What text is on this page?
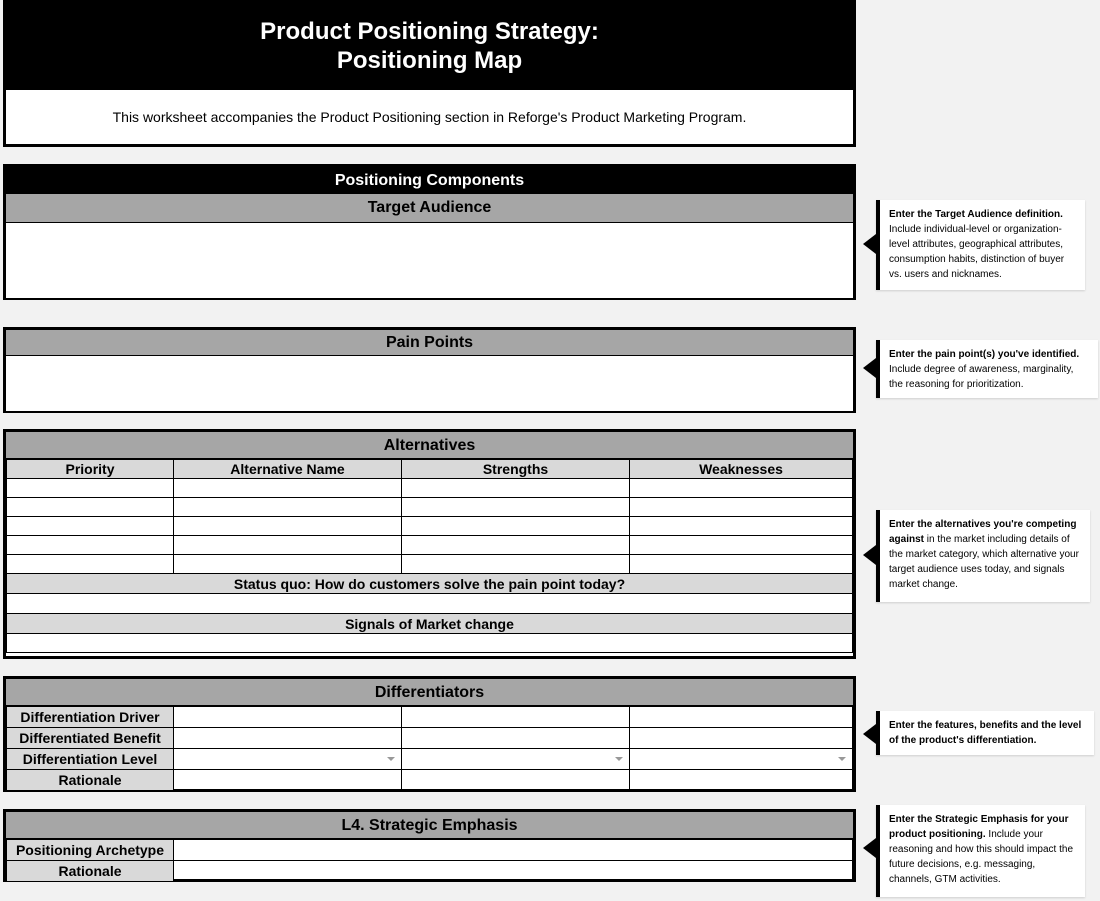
Product Positioning Strategy:
Positioning Map
This worksheet accompanies the Product Positioning section in Reforge's Product Marketing Program.
Positioning Components
Target Audience
Pain Points
Alternatives
Priority	Alternative Name	Strengths	Weaknesses

Status quo: How do customers solve the pain point today?			

Signals of Market change			

Differentiators
Differentiation Driver			
Differentiated Benefit			
Differentiation Level			
Rationale			
L4. Strategic Emphasis
Positioning Archetype	
Rationale	
Enter the Target Audience definition. Include individual-level or organization-level attributes, geographical attributes, consumption habits, distinction of buyer vs. users and nicknames.
Enter the pain point(s) you've identified. Include degree of awareness, marginality, the reasoning for prioritization.
Enter the alternatives you're competing against in the market including details of the market category, which alternative your target audience uses today, and signals market change.
Enter the features, benefits and the level of the product's differentiation.
Enter the Strategic Emphasis for your product positioning. Include your reasoning and how this should impact the future decisions, e.g. messaging, channels, GTM activities.
